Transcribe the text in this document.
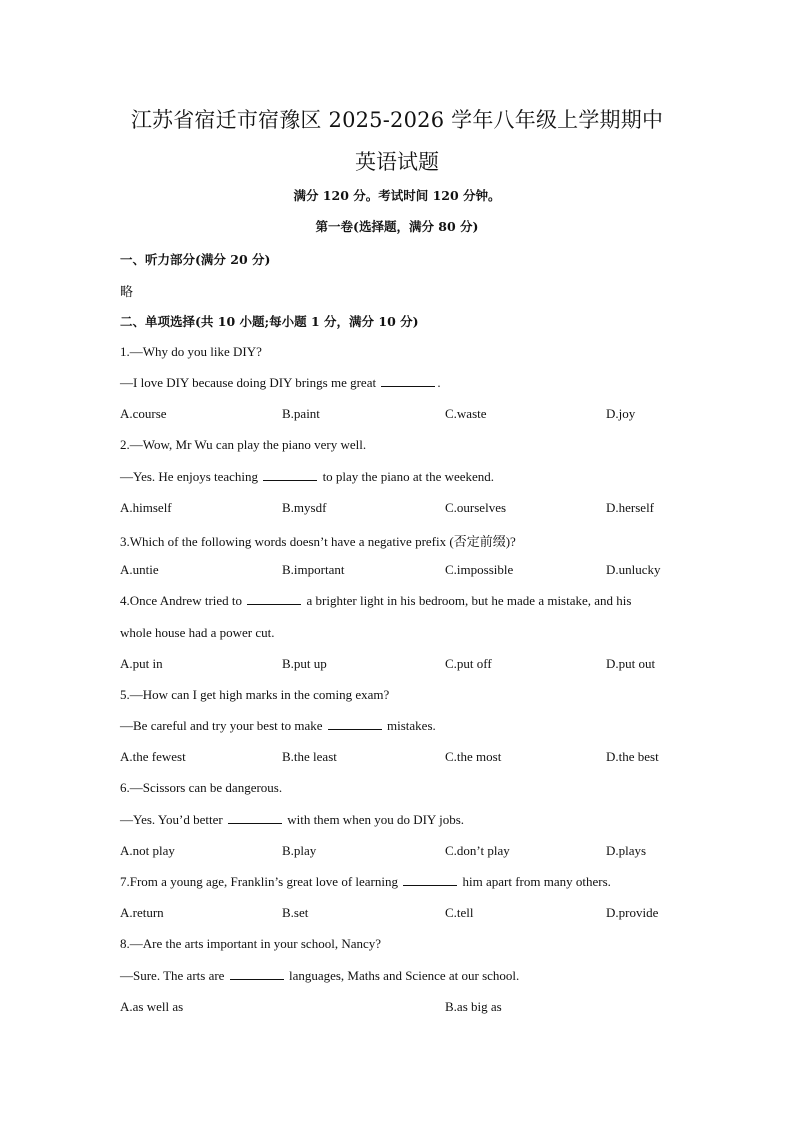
江苏省宿迁市宿豫区 2025-2026 学年八年级上学期期中
英语试题
满分 120 分。考试时间 120 分钟。
第一卷(选择题，满分 80 分)
一、听力部分(满分 20 分)
略
二、单项选择(共 10 小题;每小题 1 分，满分 10 分)
1.—Why do you like DIY?
—I love DIY because doing DIY brings me great	.
A.course	B.paint	C.waste	D.joy
2.—Wow, Mr Wu can play the piano very well.
—Yes. He enjoys teaching	to play the piano at the weekend.
A.himself	B.mysdf	C.ourselves	D.herself
3.Which of the following words doesn’t have a negative prefix (否定前缀)?
A.untie	B.important	C.impossible	D.unlucky
4.Once Andrew tried to	a brighter light in his bedroom, but he made a mistake, and his
whole house had a power cut.
A.put in	B.put up	C.put off	D.put out
5.—How can I get high marks in the coming exam?
—Be careful and try your best to make	mistakes.
A.the fewest	B.the least	C.the most	D.the best
6.—Scissors can be dangerous.
—Yes. You’d better	with them when you do DIY jobs.
A.not play	B.play	C.don’t play	D.plays
7.From a young age, Franklin’s great love of learning	him apart from many others.
A.return	B.set	C.tell	D.provide
8.—Are the arts important in your school, Nancy?
—Sure. The arts are	languages, Maths and Science at our school.
A.as well as	B.as big as
